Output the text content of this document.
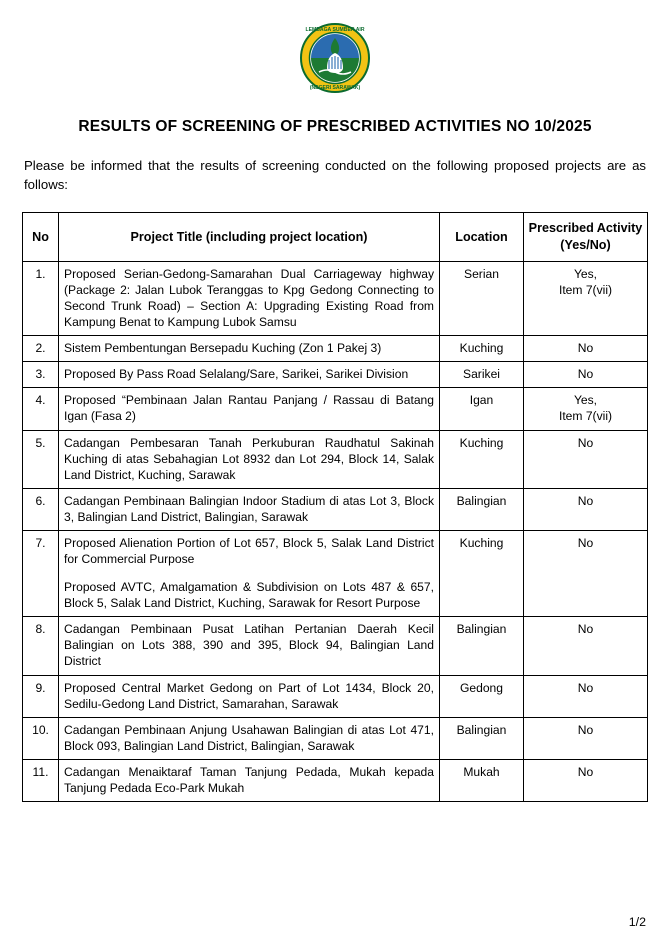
LEMBAGA SUMBER AIR
(NEGERI SARAWAK)
RESULTS OF SCREENING OF PRESCRIBED ACTIVITIES NO 10/2025
Please be informed that the results of screening conducted on the following proposed projects are as follows:
No	Project Title (including project location)	Location	Prescribed Activity
(Yes/No)
1.	Proposed Serian-Gedong-Samarahan Dual Carriageway highway (Package 2: Jalan Lubok Teranggas to Kpg Gedong Connecting to Second Trunk Road) – Section A: Upgrading Existing Road from Kampung Benat to Kampung Lubok Samsu	Serian	Yes,
Item 7(vii)

2.	Sistem Pembentungan Bersepadu Kuching (Zon 1 Pakej 3)	Kuching	No
3.	Proposed By Pass Road Selalang/Sare, Sarikei, Sarikei Division	Sarikei	No
4.	Proposed “Pembinaan Jalan Rantau Panjang / Rassau di Batang Igan (Fasa 2)	Igan	Yes,
Item 7(vii)

5.	Cadangan Pembesaran Tanah Perkuburan Raudhatul Sakinah Kuching di atas Sebahagian Lot 8932 dan Lot 294, Block 14, Salak Land District, Kuching, Sarawak	Kuching	No
6.	Cadangan Pembinaan Balingian Indoor Stadium di atas Lot 3, Block 3, Balingian Land District, Balingian, Sarawak	Balingian	No
7.	Proposed Alienation Portion of Lot 657, Block 5, Salak Land District for Commercial Purpose

Proposed AVTC, Amalgamation & Subdivision on Lots 487 & 657, Block 5, Salak Land District, Kuching, Sarawak for Resort Purpose	Kuching	No
8.	Cadangan Pembinaan Pusat Latihan Pertanian Daerah Kecil Balingian on Lots 388, 390 and 395, Block 94, Balingian Land District	Balingian	No
9.	Proposed Central Market Gedong on Part of Lot 1434, Block 20, Sedilu-Gedong Land District, Samarahan, Sarawak	Gedong	No
10.	Cadangan Pembinaan Anjung Usahawan Balingian di atas Lot 471, Block 093, Balingian Land District, Balingian, Sarawak	Balingian	No
11.	Cadangan Menaiktaraf Taman Tanjung Pedada, Mukah kepada Tanjung Pedada Eco-Park Mukah	Mukah	No
1/2
